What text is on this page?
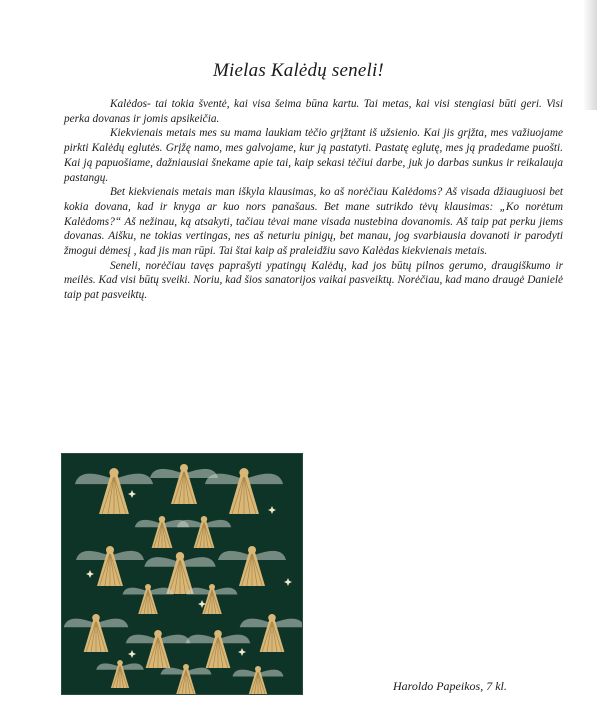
Mielas Kalėdų seneli!

Kalėdos- tai tokia šventė, kai visa šeima būna kartu. Tai metas, kai visi stengiasi būti geri. Visi perka dovanas ir jomis apsikeičia.

Kiekvienais metais mes su mama laukiam tėčio grįžtant iš užsienio. Kai jis grįžta, mes važiuojame pirkti Kalėdų eglutės. Grįžę namo, mes galvojame, kur ją pastatyti. Pastatę eglutę, mes ją pradedame puošti. Kai ją papuošiame, dažniausiai šnekame apie tai, kaip sekasi tėčiui darbe, juk jo darbas sunkus ir reikalauja pastangų.

Bet kiekvienais metais man iškyla klausimas, ko aš norėčiau Kalėdoms? Aš visada džiaugiuosi bet kokia dovana, kad ir knyga ar kuo nors panašaus. Bet mane sutrikdo tėvų klausimas: „Ko norėtum Kalėdoms?“ Aš nežinau, ką atsakyti, tačiau tėvai mane visada nustebina dovanomis. Aš taip pat perku jiems dovanas. Aišku, ne tokias vertingas, nes aš neturiu pinigų, bet manau, jog svarbiausia dovanoti ir parodyti žmogui dėmesį , kad jis man rūpi. Tai štai kaip aš praleidžiu savo Kalėdas kiekvienais metais.

Seneli, norėčiau tavęs paprašyti ypatingų Kalėdų, kad jos būtų pilnos gerumo, draugiškumo ir meilės. Kad visi būtų sveiki. Noriu, kad šios sanatorijos vaikai pasveiktų. Norėčiau, kad mano draugė Danielė taip pat pasveiktų.

Haroldo Papeikos, 7 kl.
